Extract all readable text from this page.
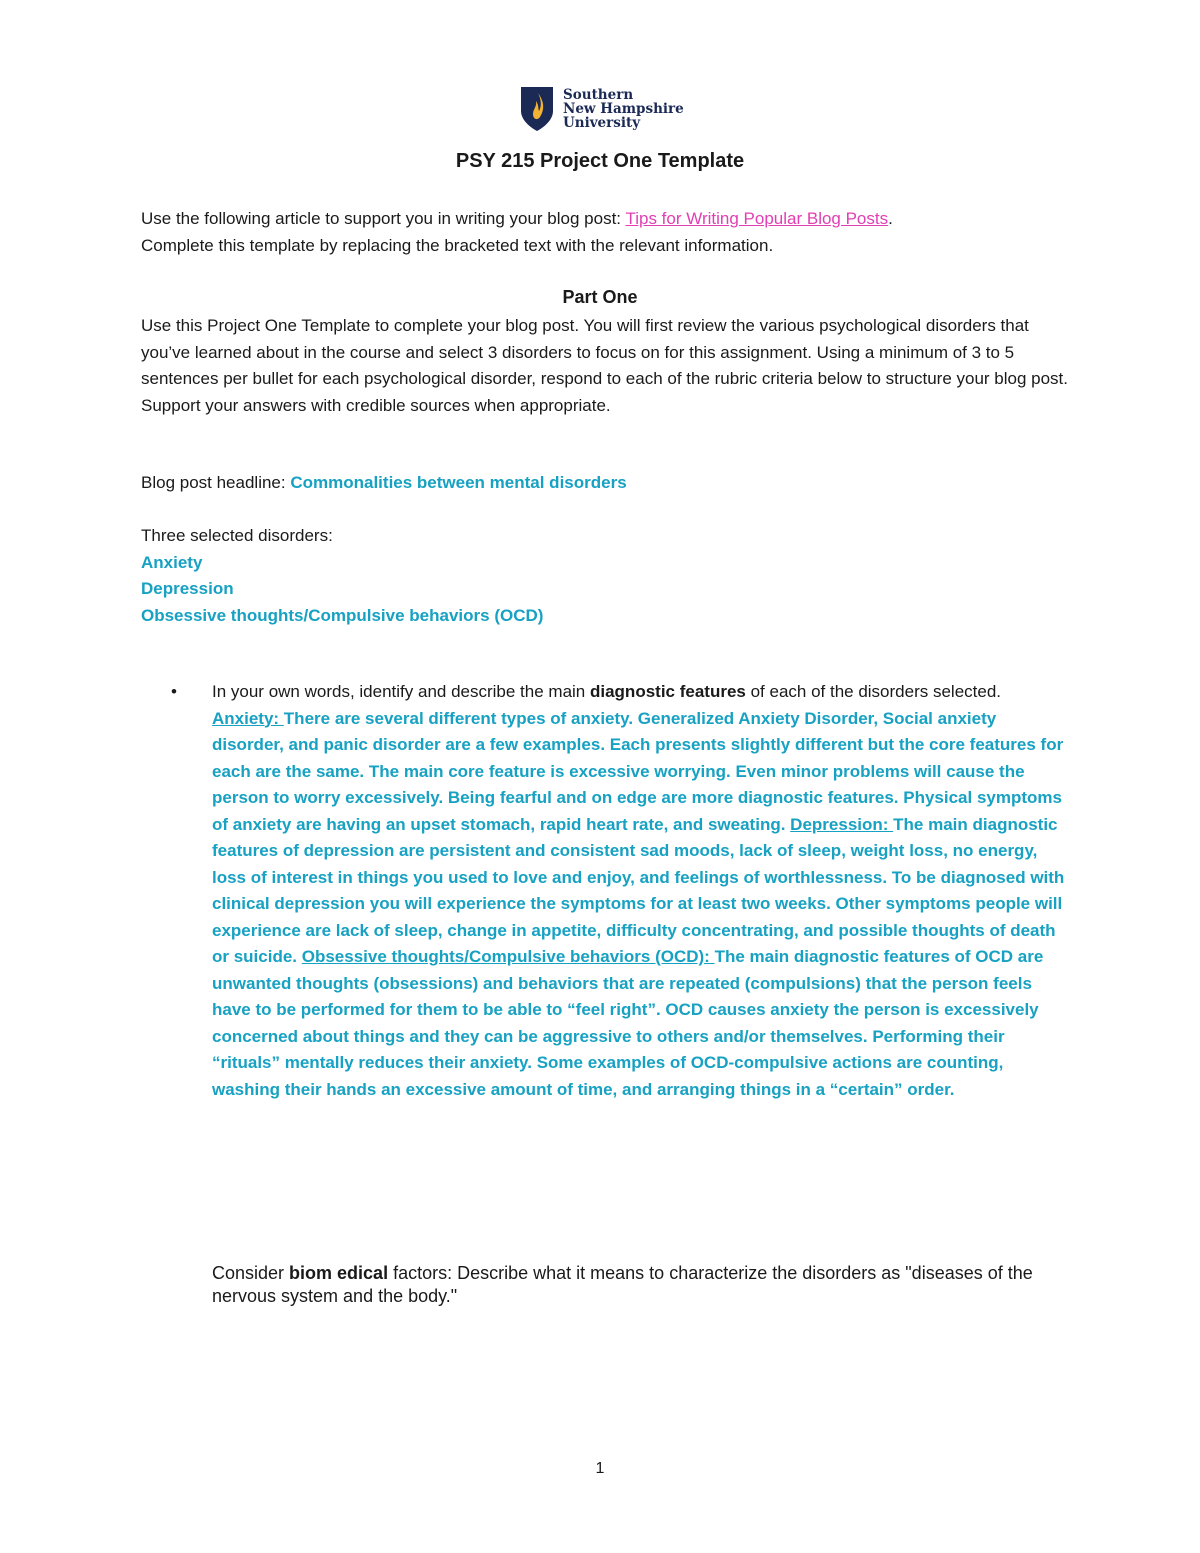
Southern
New Hampshire
University
PSY 215 Project One Template
Use the following article to support you in writing your blog post: Tips for Writing Popular Blog Posts.
Complete this template by replacing the bracketed text with the relevant information.
Part One
Use this Project One Template to complete your blog post. You will first review the various psychological disorders that you’ve learned about in the course and select 3 disorders to focus on for this assignment. Using a minimum of 3 to 5 sentences per bullet for each psychological disorder, respond to each of the rubric criteria below to structure your blog post. Support your answers with credible sources when appropriate.
Blog post headline: Commonalities between mental disorders
Three selected disorders:
Anxiety
Depression
Obsessive thoughts/Compulsive behaviors (OCD)
• In your own words, identify and describe the main diagnostic features of each of the disorders selected.
Anxiety: There are several different types of anxiety. Generalized Anxiety Disorder, Social anxiety disorder, and panic disorder are a few examples. Each presents slightly different but the core features for each are the same. The main core feature is excessive worrying. Even minor problems will cause the person to worry excessively. Being fearful and on edge are more diagnostic features. Physical symptoms of anxiety are having an upset stomach, rapid heart rate, and sweating. Depression: The main diagnostic features of depression are persistent and consistent sad moods, lack of sleep, weight loss, no energy, loss of interest in things you used to love and enjoy, and feelings of worthlessness. To be diagnosed with clinical depression you will experience the symptoms for at least two weeks. Other symptoms people will experience are lack of sleep, change in appetite, difficulty concentrating, and possible thoughts of death or suicide. Obsessive thoughts/Compulsive behaviors (OCD): The main diagnostic features of OCD are unwanted thoughts (obsessions) and behaviors that are repeated (compulsions) that the person feels have to be performed for them to be able to “feel right”. OCD causes anxiety the person is excessively concerned about things and they can be aggressive to others and/or themselves. Performing their “rituals” mentally reduces their anxiety. Some examples of OCD-compulsive actions are counting, washing their hands an excessive amount of time, and arranging things in a “certain” order.
Consider biom edical factors: Describe what it means to characterize the disorders as "diseases of the nervous system and the body."
1
